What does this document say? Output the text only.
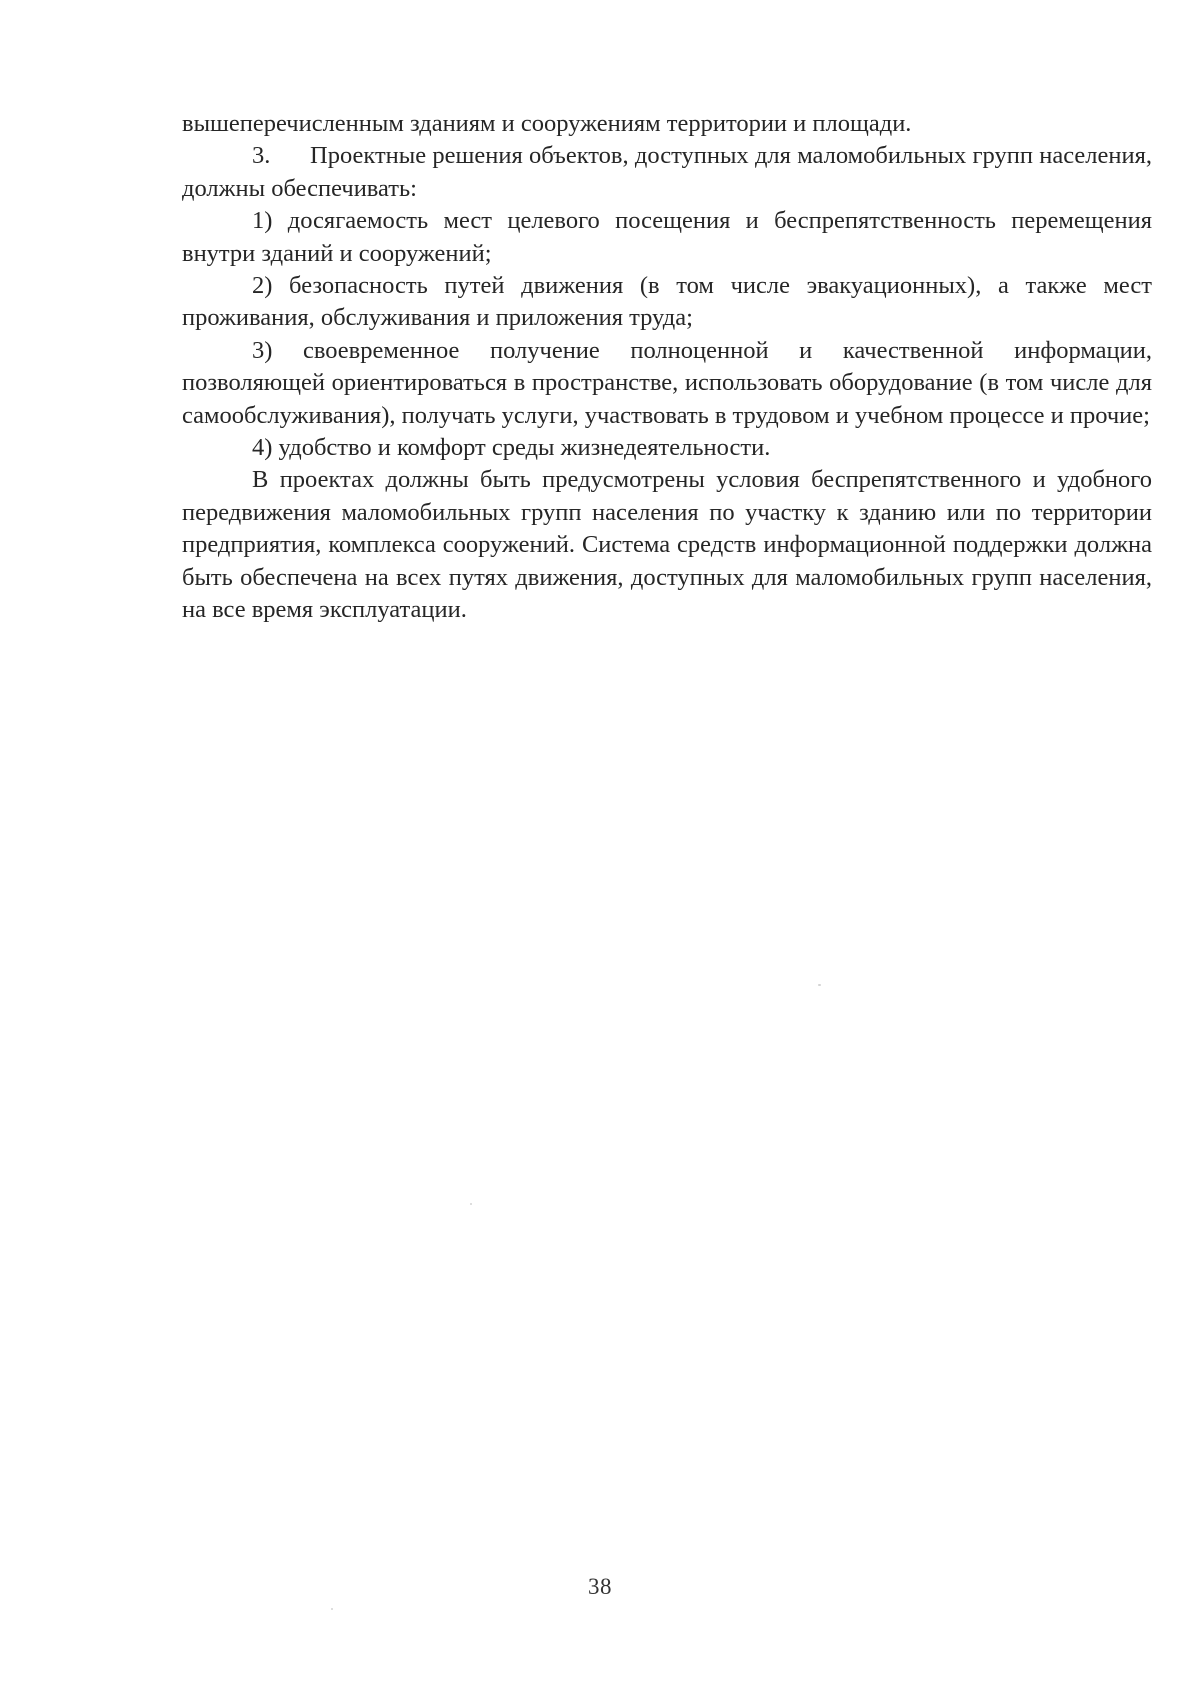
вышеперечисленным зданиям и сооружениям территории и площади.

3. Проектные решения объектов, доступных для маломобильных групп населения, должны обеспечивать:

1) досягаемость мест целевого посещения и беспрепятственность перемещения внутри зданий и сооружений;

2) безопасность путей движения (в том числе эвакуационных), а также мест проживания, обслуживания и приложения труда;

3) своевременное получение полноценной и качественной информации, позволяющей ориентироваться в пространстве, использовать оборудование (в том числе для самообслуживания), получать услуги, участвовать в трудовом и учебном процессе и прочие;

4) удобство и комфорт среды жизнедеятельности.

В проектах должны быть предусмотрены условия беспрепятственного и удобного передвижения маломобильных групп населения по участку к зданию или по территории предприятия, комплекса сооружений. Система средств информационной поддержки должна быть обеспечена на всех путях движения, доступных для маломобильных групп населения, на все время эксплуатации.

38
